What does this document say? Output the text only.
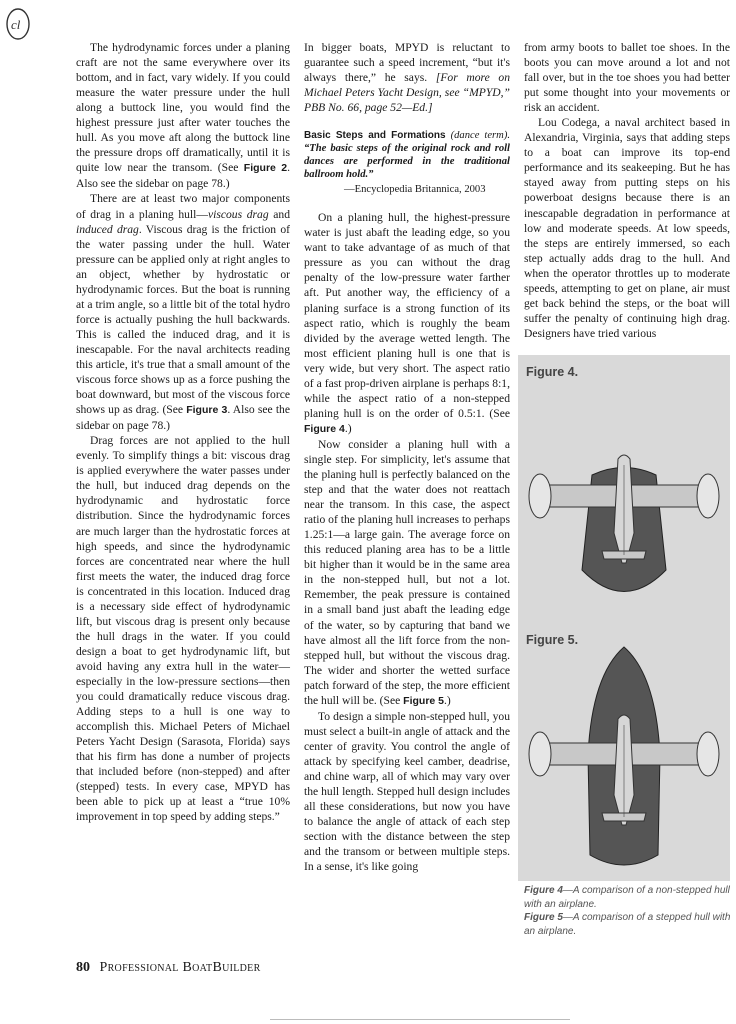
cl

The hydrodynamic forces under a planing craft are not the same everywhere over its bottom, and in fact, vary widely. If you could measure the water pressure under the hull along a buttock line, you would find the highest pressure just after water touches the hull. As you move aft along the buttock line the pressure drops off dramatically, until it is quite low near the transom. (See Figure 2. Also see the sidebar on page 78.)

There are at least two major components of drag in a planing hull—viscous drag and induced drag. Viscous drag is the friction of the water passing under the hull. Water pressure can be applied only at right angles to an object, whether by hydrostatic or hydrodynamic forces. But the boat is running at a trim angle, so a little bit of the total hydro force is actually pushing the hull backwards. This is called the induced drag, and it is inescapable. For the naval architects reading this article, it's true that a small amount of the viscous force shows up as a force pushing the boat downward, but most of the viscous force shows up as drag. (See Figure 3. Also see the sidebar on page 78.)

Drag forces are not applied to the hull evenly. To simplify things a bit: viscous drag is applied everywhere the water passes under the hull, but induced drag depends on the hydrodynamic and hydrostatic force distribution. Since the hydrodynamic forces are much larger than the hydrostatic forces at high speeds, and since the hydrodynamic forces are concentrated near where the hull first meets the water, the induced drag force is concentrated in this location. Induced drag is a necessary side effect of hydrodynamic lift, but viscous drag is present only because the hull drags in the water. If you could design a boat to get hydrodynamic lift, but avoid having any extra hull in the water—especially in the low-pressure sections—then you could dramatically reduce viscous drag. Adding steps to a hull is one way to accomplish this. Michael Peters of Michael Peters Yacht Design (Sarasota, Florida) says that his firm has done a number of projects that included before (non-stepped) and after (stepped) tests. In every case, MPYD has been able to pick up at least a “true 10% improvement in top speed by adding steps.”

In bigger boats, MPYD is reluctant to guarantee such a speed increment, “but it's always there,” he says. [For more on Michael Peters Yacht Design, see “MPYD,” PBB No. 66, page 52—Ed.]

Basic Steps and Formations (dance term). “The basic steps of the original rock and roll dances are performed in the traditional ballroom hold.”
—Encyclopedia Britannica, 2003

On a planing hull, the highest-pressure water is just abaft the leading edge, so you want to take advantage of as much of that pressure as you can without the drag penalty of the low-pressure water farther aft. Put another way, the efficiency of a planing surface is a strong function of its aspect ratio, which is roughly the beam divided by the average wetted length. The most efficient planing hull is one that is very wide, but very short. The aspect ratio of a fast prop-driven airplane is perhaps 8:1, while the aspect ratio of a non-stepped planing hull is on the order of 0.5:1. (See Figure 4.)

Now consider a planing hull with a single step. For simplicity, let's assume that the planing hull is perfectly balanced on the step and that the water does not reattach near the transom. In this case, the aspect ratio of the planing hull increases to perhaps 1.25:1—a large gain. The average force on this reduced planing area has to be a little bit higher than it would be in the same area in the non-stepped hull, but not a lot. Remember, the peak pressure is contained in a small band just abaft the leading edge of the water, so by capturing that band we have almost all the lift force from the non-stepped hull, but without the viscous drag. The wider and shorter the wetted surface patch forward of the step, the more efficient the hull will be. (See Figure 5.)

To design a simple non-stepped hull, you must select a built-in angle of attack and the center of gravity. You control the angle of attack by specifying keel camber, deadrise, and chine warp, all of which may vary over the hull length. Stepped hull design includes all these considerations, but now you have to balance the angle of attack of each step section with the distance between the step and the transom or between multiple steps. In a sense, it's like going

from army boots to ballet toe shoes. In the boots you can move around a lot and not fall over, but in the toe shoes you had better put some thought into your movements or risk an accident.

Lou Codega, a naval architect based in Alexandria, Virginia, says that adding steps to a boat can improve its top-end performance and its seakeeping. But he has stayed away from putting steps on his powerboat designs because there is an inescapable degradation in performance at low and moderate speeds. At low speeds, the steps are entirely immersed, so each step actually adds drag to the hull. And when the operator throttles up to moderate speeds, attempting to get on plane, air must get back behind the steps, or the boat will suffer the penalty of continuing high drag. Designers have tried various

Figure 4.
Figure 5.
Figure 4—A comparison of a non-stepped hull with an airplane.
Figure 5—A comparison of a stepped hull with an airplane.
80 Professional BoatBuilder
